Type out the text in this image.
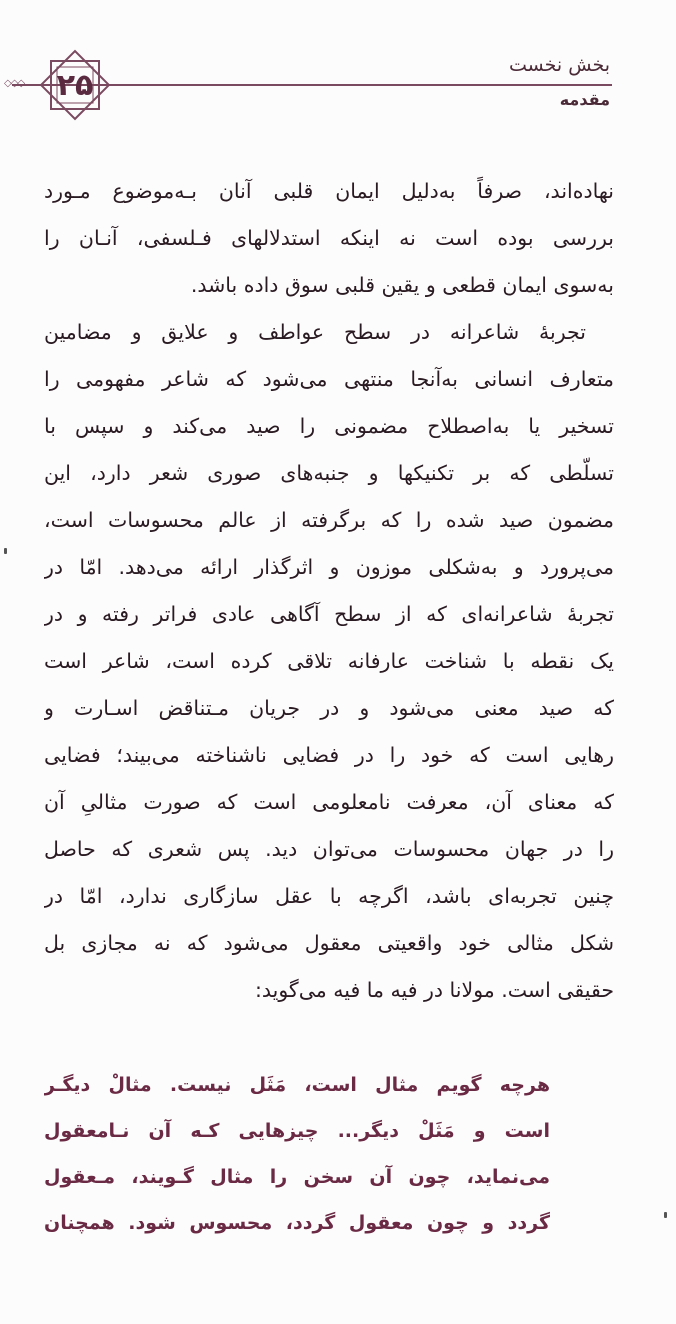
◇◇◇	۲۵
بخش نخست
مقدمه
نهاده‌اند، صرفاً به‌دلیل ایمان قلبی آنان بـه‌موضوع مـورد
بررسی بوده است نه اینکه استدلالهای فـلسفی، آنـان را
به‌سوی ایمان قطعی و یقین قلبی سوق داده باشد.
تجربهٔ شاعرانه در سطح عواطف و علایق و مضامین
متعارف انسانی به‌آنجا منتهی می‌شود که شاعر مفهومی را
تسخیر یا به‌اصطلاح مضمونی را صید می‌کند و سپس با
تسلّطی که بر تکنیکها و جنبه‌های صوری شعر دارد، این
مضمون صید شده را که برگرفته از عالم محسوسات است،
می‌پرورد و به‌شکلی موزون و اثرگذار ارائه می‌دهد. امّا در
تجربهٔ شاعرانه‌ای که از سطح آگاهی عادی فراتر رفته و در
یک نقطه با شناخت عارفانه تلاقی کرده است، شاعر است
که صید معنی می‌شود و در جریان مـتناقض اسـارت و
رهایی است که خود را در فضایی ناشناخته می‌بیند؛ فضایی
که معنای آن، معرفت نامعلومی است که صورت مثالیِ آن
را در جهان محسوسات می‌توان دید. پس شعری که حاصل
چنین تجربه‌ای باشد، اگرچه با عقل سازگاری ندارد، امّا در
شکل مثالی خود واقعیتی معقول می‌شود که نه مجازی بل
حقیقی است. مولانا در فیه ما فیه می‌گوید:
هرچه گویم مثال است، مَثَل نیست. مثالْ دیگـر
است و مَثَلْ دیگر... چیزهایی کـه آن نـامعقول
می‌نماید، چون آن سخن را مثال گـویند، مـعقول
گردد و چون معقول گردد، محسوس شود. همچنان
